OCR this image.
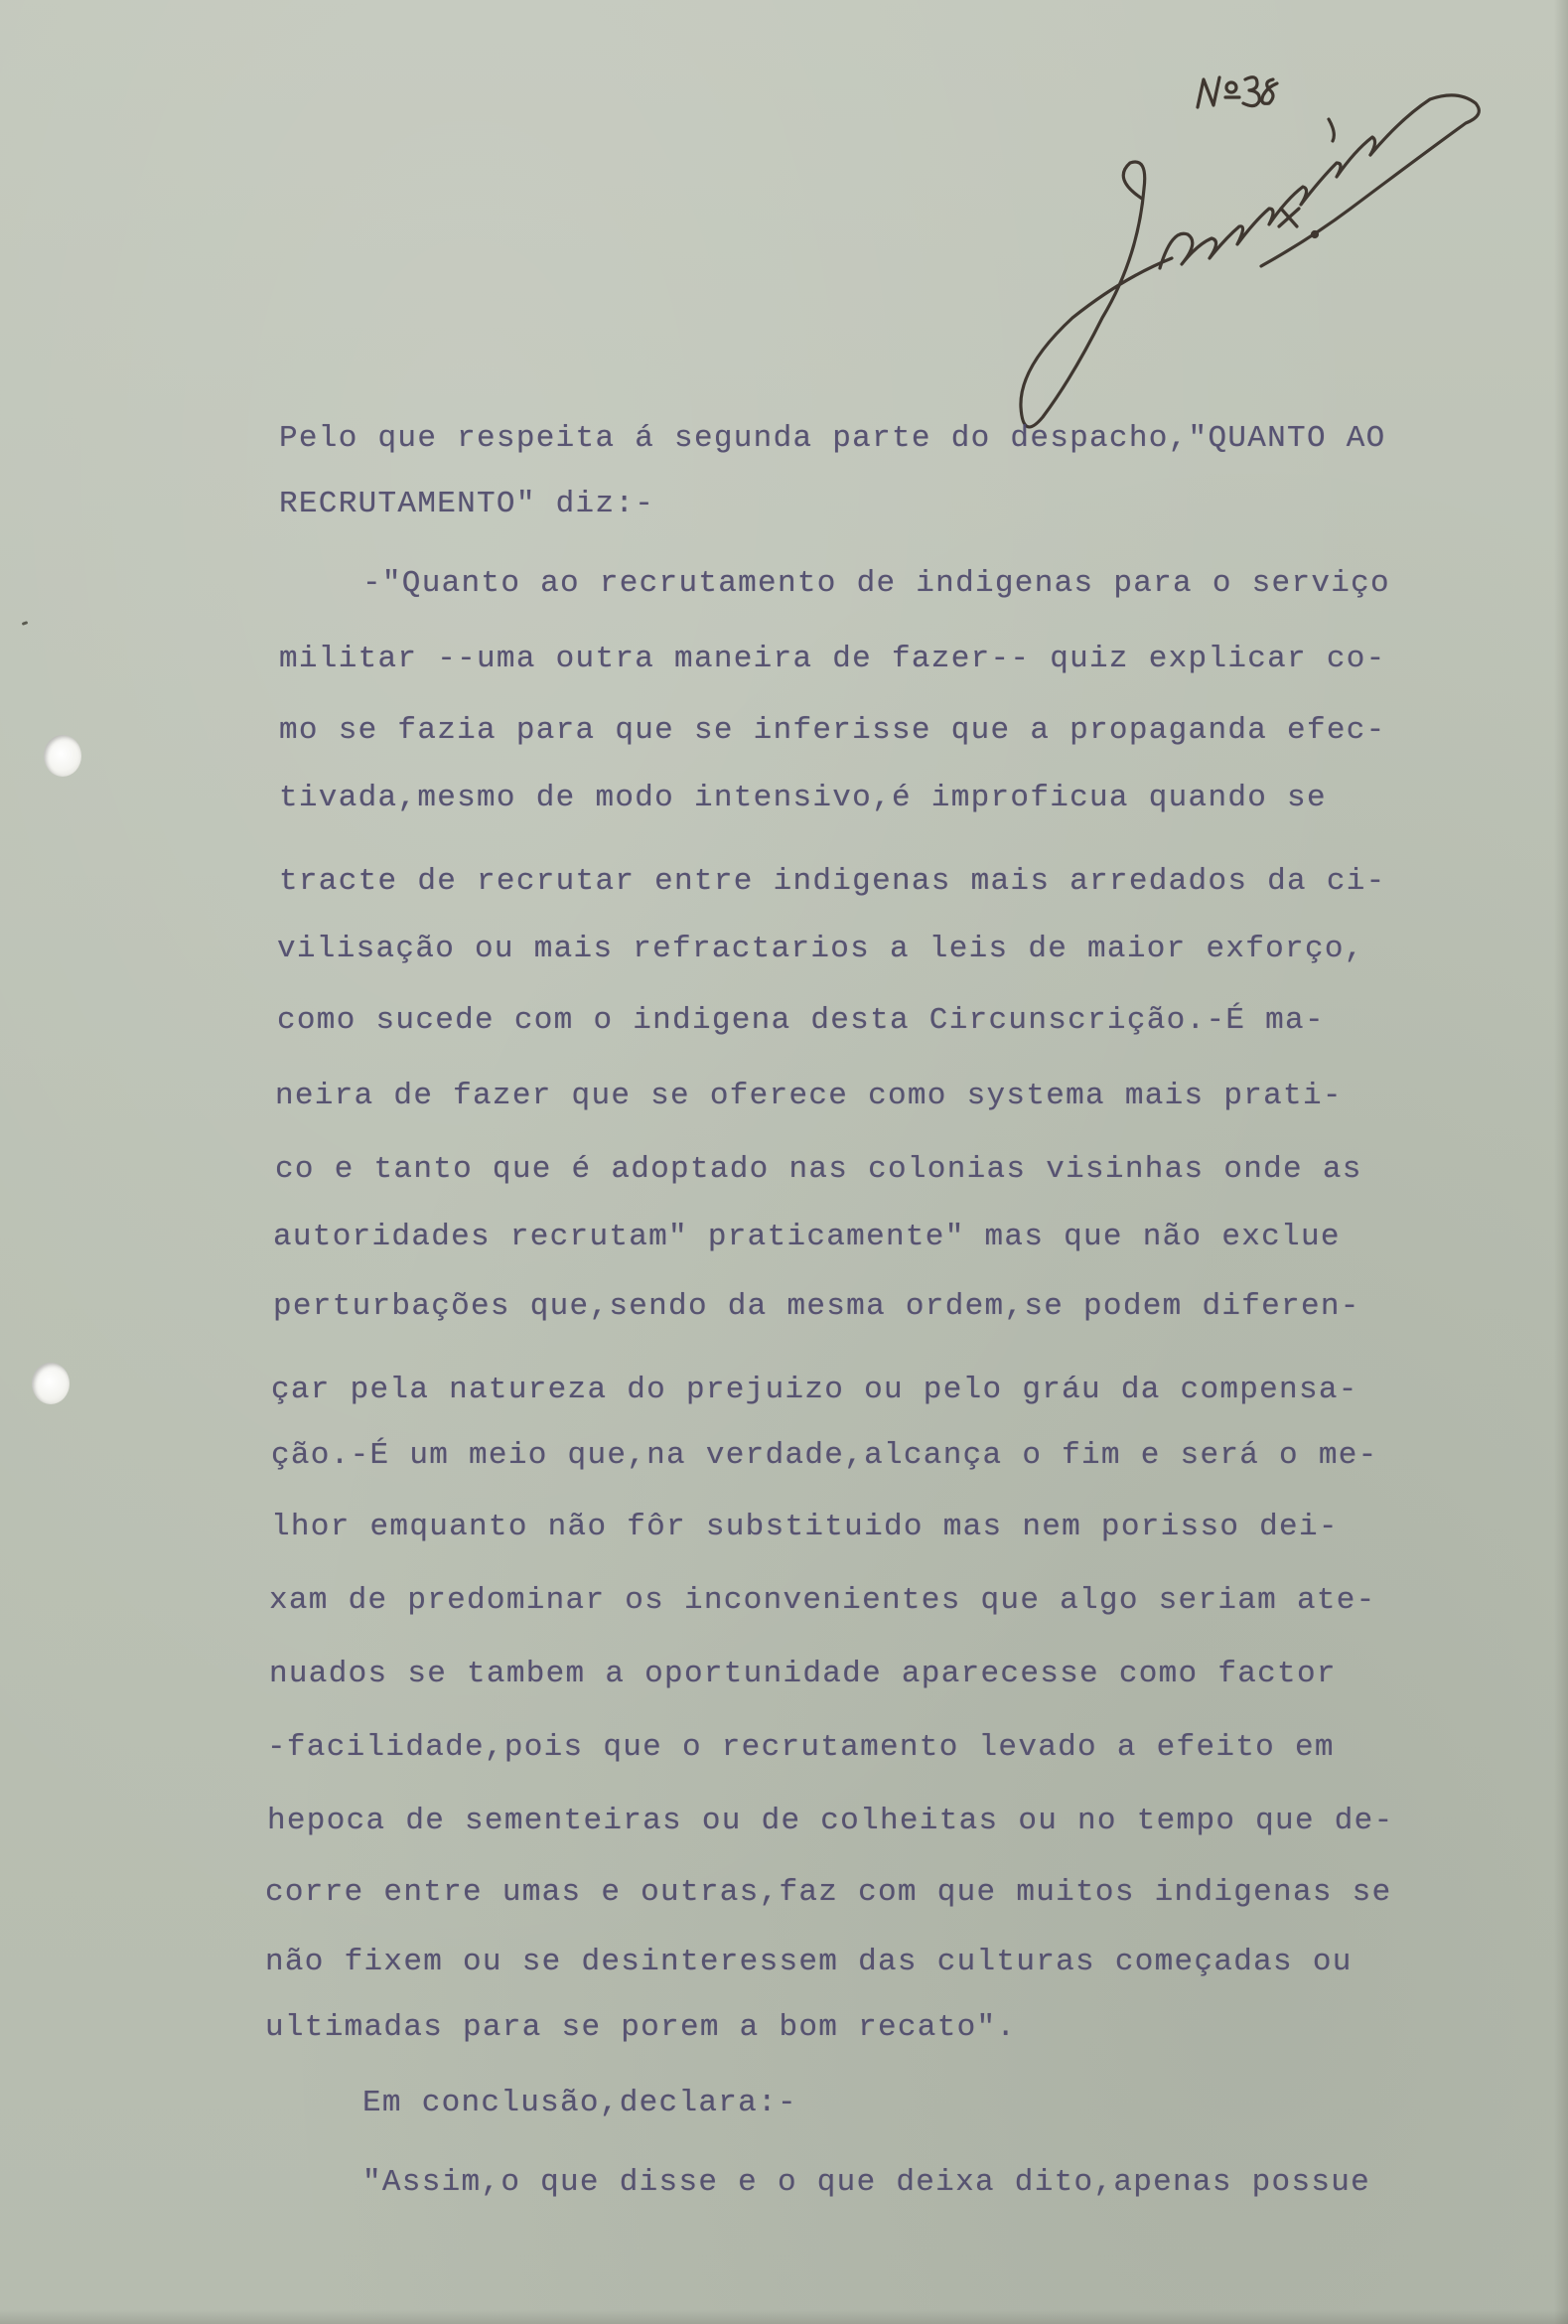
Pelo que respeita á segunda parte do despacho,"QUANTO AO
RECRUTAMENTO" diz:-
-"Quanto ao recrutamento de indigenas para o serviço
militar --uma outra maneira de fazer-- quiz explicar co-
mo se fazia para que se inferisse que a propaganda efec-
tivada,mesmo de modo intensivo,é improficua quando se
tracte de recrutar entre indigenas mais arredados da ci-
vilisação ou mais refractarios a leis de maior exforço,
como sucede com o indigena desta Circunscrição.-É ma-
neira de fazer que se oferece como systema mais prati-
co e tanto que é adoptado nas colonias visinhas onde as
autoridades recrutam" praticamente" mas que não exclue
perturbações que,sendo da mesma ordem,se podem diferen-
çar pela natureza do prejuizo ou pelo gráu da compensa-
ção.-É um meio que,na verdade,alcança o fim e será o me-
lhor emquanto não fôr substituido mas nem porisso dei-
xam de predominar os inconvenientes que algo seriam ate-
nuados se tambem a oportunidade aparecesse como factor
-facilidade,pois que o recrutamento levado a efeito em
hepoca de sementeiras ou de colheitas ou no tempo que de-
corre entre umas e outras,faz com que muitos indigenas se
não fixem ou se desinteressem das culturas começadas ou
ultimadas para se porem a bom recato".
Em conclusão,declara:-
"Assim,o que disse e o que deixa dito,apenas possue
